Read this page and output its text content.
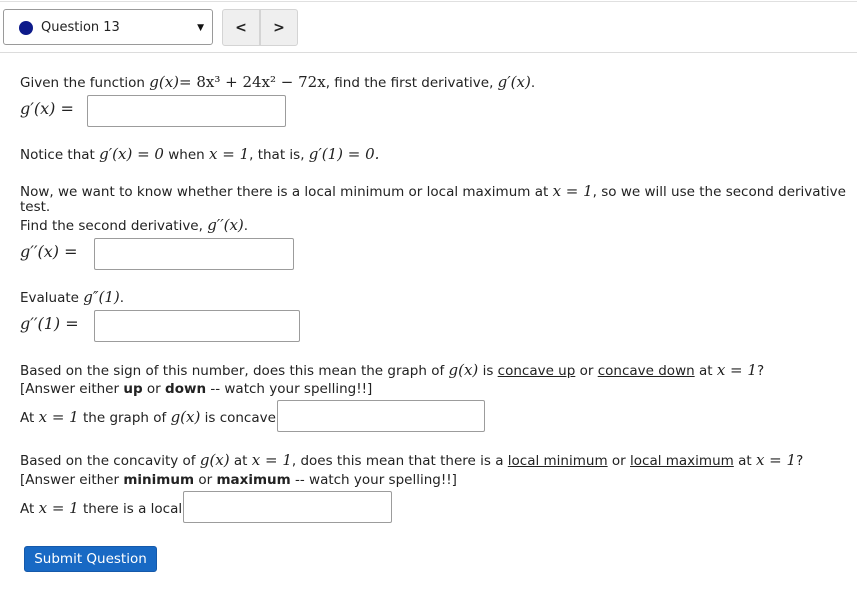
Question 13	▼ < >
Given the function g(x)= 8x³ + 24x² − 72x, find the first derivative, g′(x).
g′(x) =
Notice that g′(x) = 0 when x = 1, that is, g′(1) = 0.
Now, we want to know whether there is a local minimum or local maximum at x = 1, so we will use the second derivative
test.
Find the second derivative, g′′(x).
g′′(x) =
Evaluate g″(1).
g′′(1) =
Based on the sign of this number, does this mean the graph of g(x) is concave up or concave down at x = 1?
[Answer either up or down -- watch your spelling!!]
At x = 1 the graph of g(x) is concave
Based on the concavity of g(x) at x = 1, does this mean that there is a local minimum or local maximum at x = 1?
[Answer either minimum or maximum -- watch your spelling!!]
At x = 1 there is a local
Submit Question
